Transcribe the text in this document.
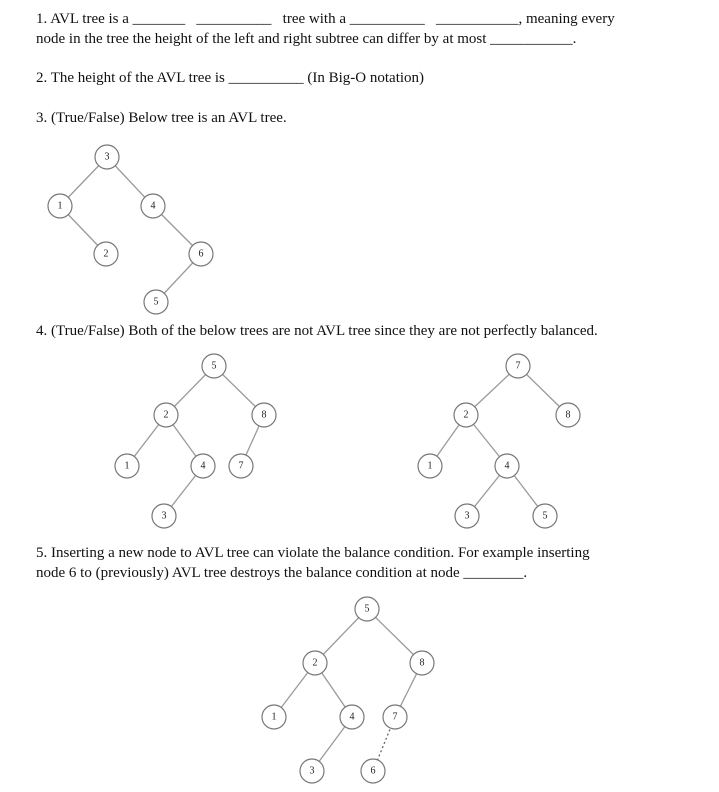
1. AVL tree is a _______ __________ tree with a __________ ___________, meaning every
node in the tree the height of the left and right subtree can differ by at most ___________.
2. The height of the AVL tree is __________ (In Big-O notation)
3. (True/False) Below tree is an AVL tree.
3
1	4
2	6
5
4. (True/False) Both of the below trees are not AVL tree since they are not perfectly balanced.
5
2	8
1	4	7
3
7
2	8
1	4
3	5
5. Inserting a new node to AVL tree can violate the balance condition. For example inserting
node 6 to (previously) AVL tree destroys the balance condition at node ________.
5
2	8
1	4	7
3	6
